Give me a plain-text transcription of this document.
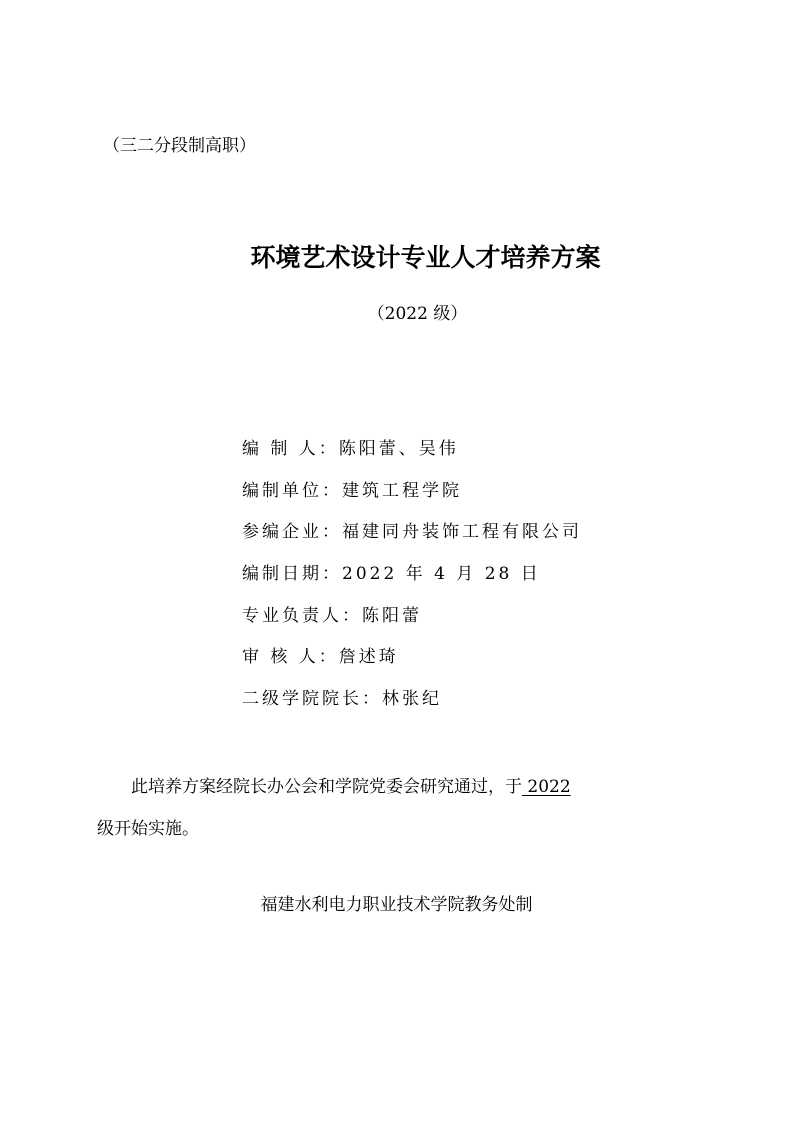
（三二分段制高职）
环境艺术设计专业人才培养方案
（2022 级）
编 制 人：陈阳蕾、吴伟
编制单位：建筑工程学院
参编企业：福建同舟装饰工程有限公司
编制日期：2022 年 4 月 28 日
专业负责人：陈阳蕾
审 核 人：詹述琦
二级学院院长：林张纪
此培养方案经院长办公会和学院党委会研究通过，于 2022
级开始实施。
福建水利电力职业技术学院教务处制
